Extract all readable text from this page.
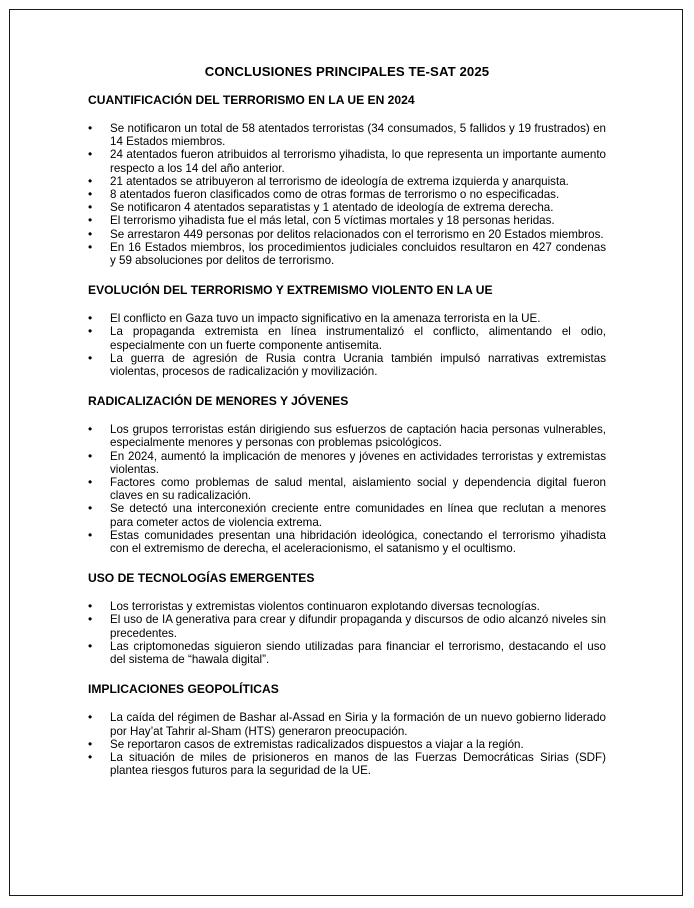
CONCLUSIONES PRINCIPALES TE-SAT 2025
CUANTIFICACIÓN DEL TERRORISMO EN LA UE EN 2024
• Se notificaron un total de 58 atentados terroristas (34 consumados, 5 fallidos y 19 frustrados) en 14 Estados miembros.
• 24 atentados fueron atribuidos al terrorismo yihadista, lo que representa un importante aumento respecto a los 14 del año anterior.
• 21 atentados se atribuyeron al terrorismo de ideología de extrema izquierda y anarquista.
• 8 atentados fueron clasificados como de otras formas de terrorismo o no especificadas.
• Se notificaron 4 atentados separatistas y 1 atentado de ideología de extrema derecha.
• El terrorismo yihadista fue el más letal, con 5 víctimas mortales y 18 personas heridas.
• Se arrestaron 449 personas por delitos relacionados con el terrorismo en 20 Estados miembros.
• En 16 Estados miembros, los procedimientos judiciales concluidos resultaron en 427 condenas y 59 absoluciones por delitos de terrorismo.
EVOLUCIÓN DEL TERRORISMO Y EXTREMISMO VIOLENTO EN LA UE
• El conflicto en Gaza tuvo un impacto significativo en la amenaza terrorista en la UE.
• La propaganda extremista en línea instrumentalizó el conflicto, alimentando el odio, especialmente con un fuerte componente antisemita.
• La guerra de agresión de Rusia contra Ucrania también impulsó narrativas extremistas violentas, procesos de radicalización y movilización.
RADICALIZACIÓN DE MENORES Y JÓVENES
• Los grupos terroristas están dirigiendo sus esfuerzos de captación hacia personas vulnerables, especialmente menores y personas con problemas psicológicos.
• En 2024, aumentó la implicación de menores y jóvenes en actividades terroristas y extremistas violentas.
• Factores como problemas de salud mental, aislamiento social y dependencia digital fueron claves en su radicalización.
• Se detectó una interconexión creciente entre comunidades en línea que reclutan a menores para cometer actos de violencia extrema.
• Estas comunidades presentan una hibridación ideológica, conectando el terrorismo yihadista con el extremismo de derecha, el aceleracionismo, el satanismo y el ocultismo.
USO DE TECNOLOGÍAS EMERGENTES
• Los terroristas y extremistas violentos continuaron explotando diversas tecnologías.
• El uso de IA generativa para crear y difundir propaganda y discursos de odio alcanzó niveles sin precedentes.
• Las criptomonedas siguieron siendo utilizadas para financiar el terrorismo, destacando el uso del sistema de “hawala digital”.
IMPLICACIONES GEOPOLÍTICAS
• La caída del régimen de Bashar al-Assad en Siria y la formación de un nuevo gobierno liderado por Hay’at Tahrir al-Sham (HTS) generaron preocupación.
• Se reportaron casos de extremistas radicalizados dispuestos a viajar a la región.
• La situación de miles de prisioneros en manos de las Fuerzas Democráticas Sirias (SDF) plantea riesgos futuros para la seguridad de la UE.
